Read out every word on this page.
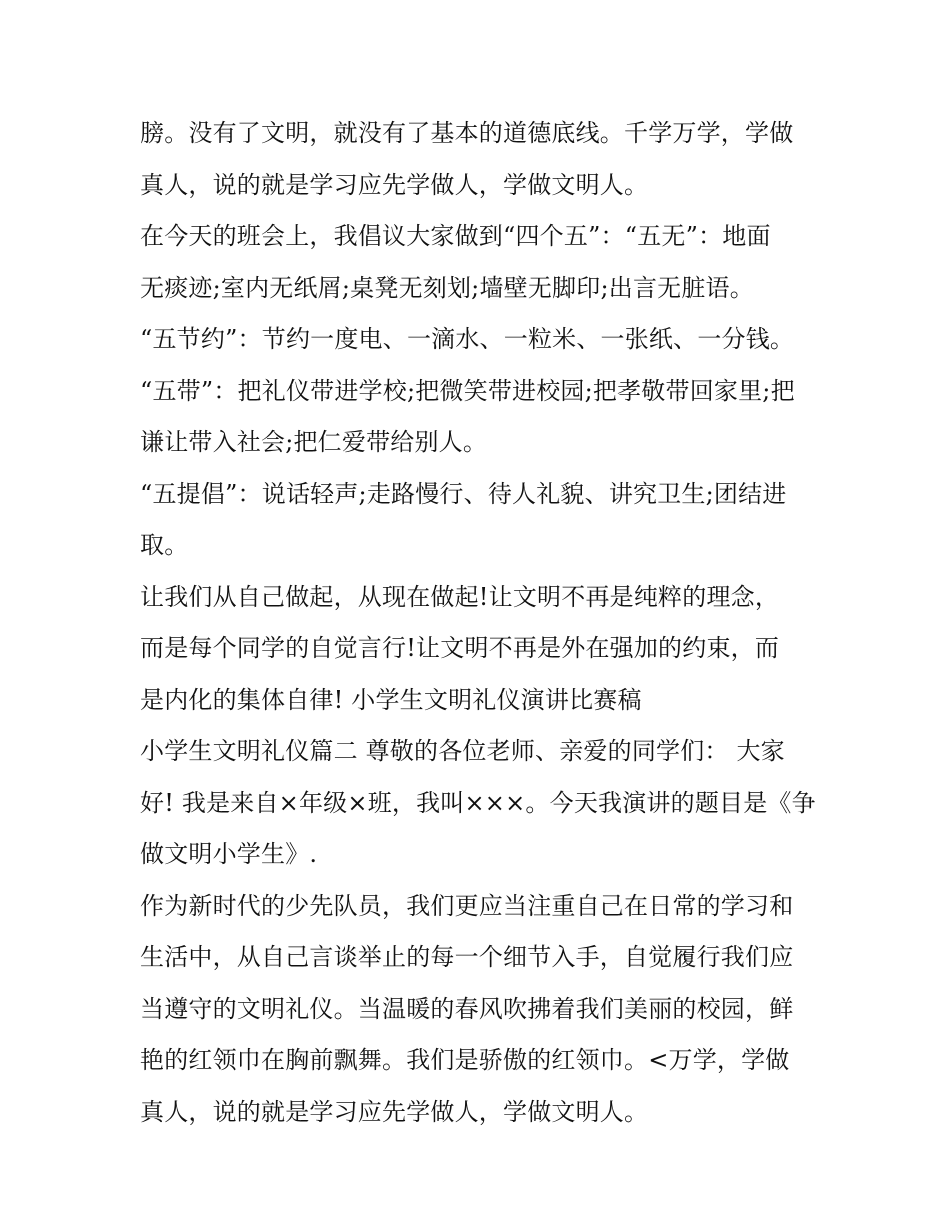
膀。没有了文明，就没有了基本的道德底线。千学万学，学做
真人，说的就是学习应先学做人，学做文明人。
在今天的班会上，我倡议大家做到“四个五”：“五无”：地面
无痰迹;室内无纸屑;桌凳无刻划;墙壁无脚印;出言无脏语。
“五节约”：节约一度电、一滴水、一粒米、一张纸、一分钱。
“五带”：把礼仪带进学校;把微笑带进校园;把孝敬带回家里;把
谦让带入社会;把仁爱带给别人。
“五提倡”：说话轻声;走路慢行、待人礼貌、讲究卫生;团结进
取。
让我们从自己做起，从现在做起!让文明不再是纯粹的理念，
而是每个同学的自觉言行!让文明不再是外在强加的约束，而
是内化的集体自律! 小学生文明礼仪演讲比赛稿
小学生文明礼仪篇二 尊敬的各位老师、亲爱的同学们： 大家
好! 我是来自×年级×班，我叫×××。今天我演讲的题目是《争
做文明小学生》.
作为新时代的少先队员，我们更应当注重自己在日常的学习和
生活中，从自己言谈举止的每一个细节入手，自觉履行我们应
当遵守的文明礼仪。当温暖的春风吹拂着我们美丽的校园，鲜
艳的红领巾在胸前飘舞。我们是骄傲的红领巾。<万学，学做
真人，说的就是学习应先学做人，学做文明人。
